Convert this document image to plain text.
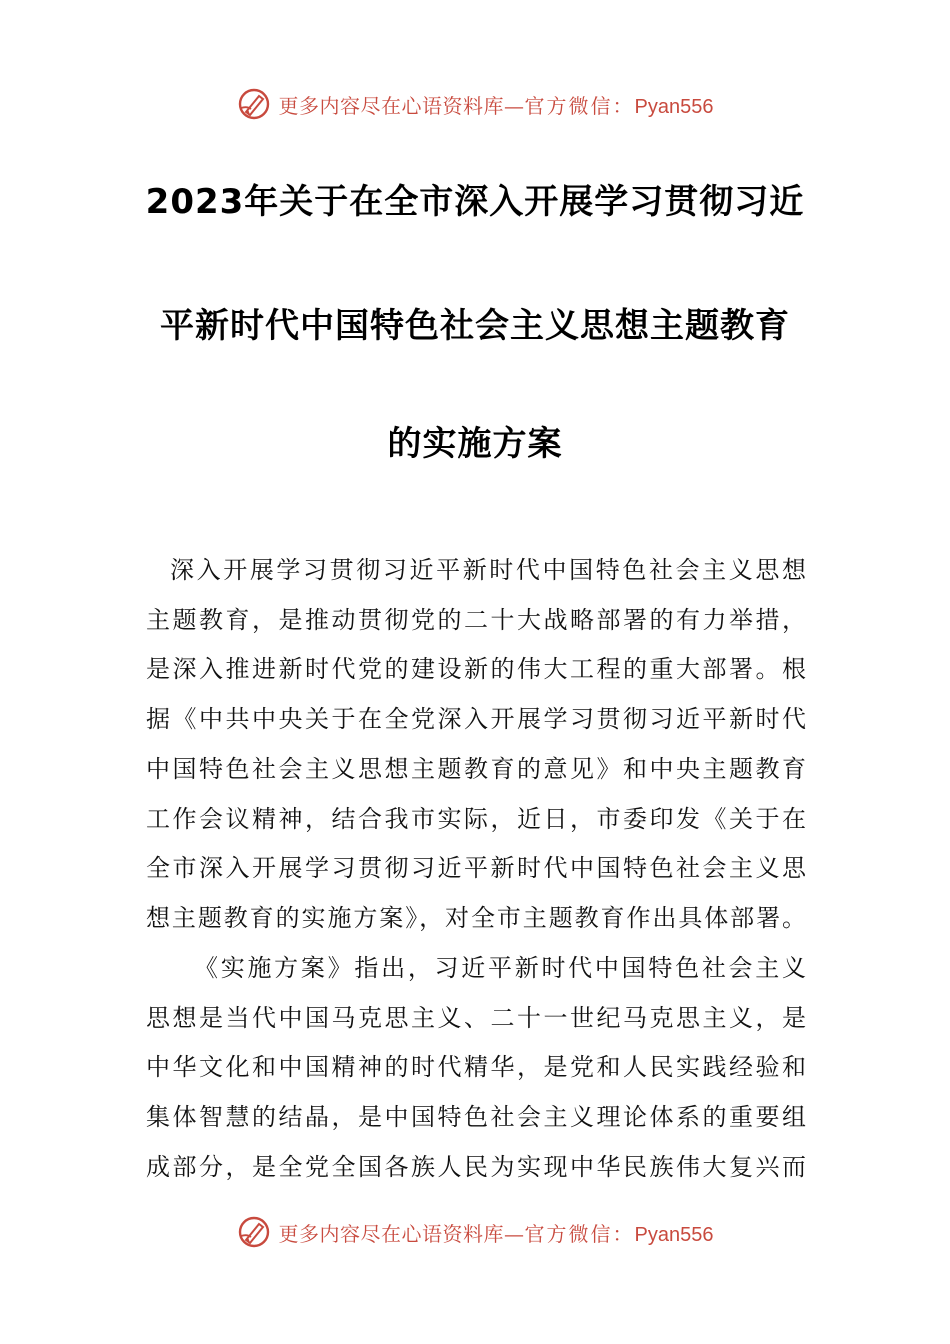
更多内容尽在心语资料库—官方微信：Pyan556
2023年关于在全市深入开展学习贯彻习近
平新时代中国特色社会主义思想主题教育
的实施方案
深入开展学习贯彻习近平新时代中国特色社会主义思想
主题教育，是推动贯彻党的二十大战略部署的有力举措，
是深入推进新时代党的建设新的伟大工程的重大部署。根
据《中共中央关于在全党深入开展学习贯彻习近平新时代
中国特色社会主义思想主题教育的意见》和中央主题教育
工作会议精神，结合我市实际，近日，市委印发《关于在
全市深入开展学习贯彻习近平新时代中国特色社会主义思
想主题教育的实施方案》，对全市主题教育作出具体部署。
《实施方案》指出，习近平新时代中国特色社会主义
思想是当代中国马克思主义、二十一世纪马克思主义，是
中华文化和中国精神的时代精华，是党和人民实践经验和
集体智慧的结晶，是中国特色社会主义理论体系的重要组
成部分，是全党全国各族人民为实现中华民族伟大复兴而
更多内容尽在心语资料库—官方微信：Pyan556
